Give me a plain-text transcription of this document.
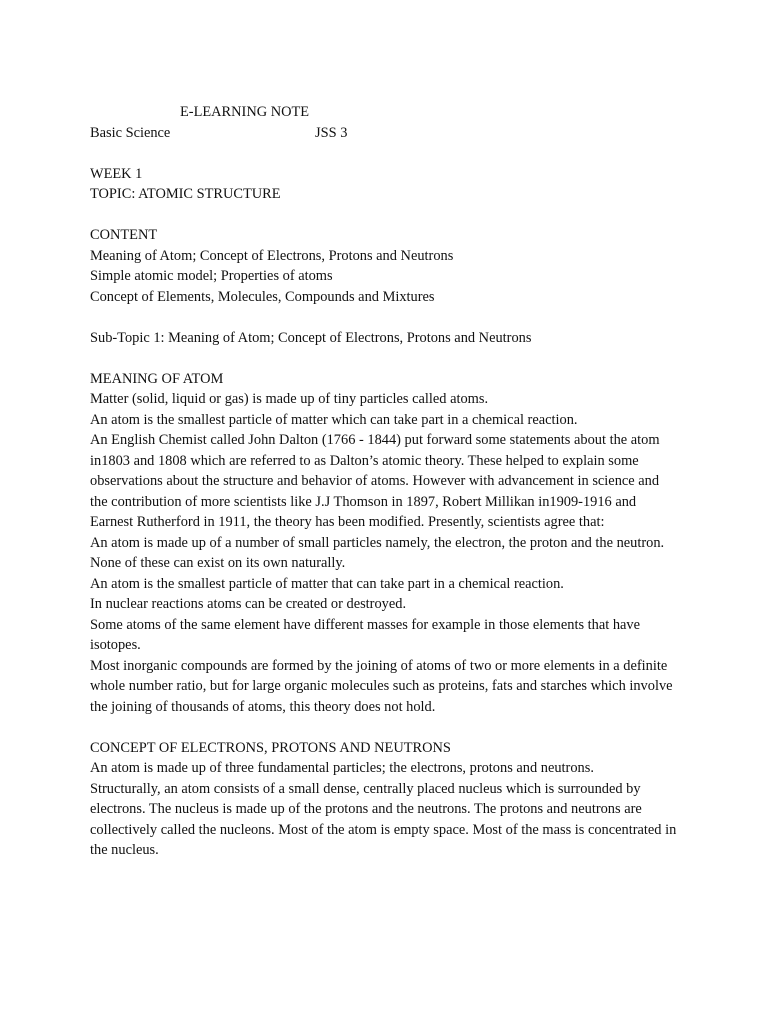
E-LEARNING NOTE
Basic Science	JSS 3
WEEK 1
TOPIC: ATOMIC STRUCTURE
CONTENT
Meaning of Atom; Concept of Electrons, Protons and Neutrons
Simple atomic model; Properties of atoms
Concept of Elements, Molecules, Compounds and Mixtures
Sub-Topic 1: Meaning of Atom; Concept of Electrons, Protons and Neutrons
MEANING OF ATOM

Matter (solid, liquid or gas) is made up of tiny particles called atoms.

An atom is the smallest particle of matter which can take part in a chemical reaction.

An English Chemist called John Dalton (1766 - 1844) put forward some statements about the atom in1803 and 1808 which are referred to as Dalton’s atomic theory. These helped to explain some observations about the structure and behavior of atoms. However with advancement in science and the contribution of more scientists like J.J Thomson in 1897, Robert Millikan in1909-1916 and Earnest Rutherford in 1911, the theory has been modified. Presently, scientists agree that:

An atom is made up of a number of small particles namely, the electron, the proton and the neutron. None of these can exist on its own naturally.

An atom is the smallest particle of matter that can take part in a chemical reaction.

In nuclear reactions atoms can be created or destroyed.

Some atoms of the same element have different masses for example in those elements that have isotopes.

Most inorganic compounds are formed by the joining of atoms of two or more elements in a definite whole number ratio, but for large organic molecules such as proteins, fats and starches which involve the joining of thousands of atoms, this theory does not hold.

CONCEPT OF ELECTRONS, PROTONS AND NEUTRONS

An atom is made up of three fundamental particles; the electrons, protons and neutrons.

Structurally, an atom consists of a small dense, centrally placed nucleus which is surrounded by electrons. The nucleus is made up of the protons and the neutrons. The protons and neutrons are collectively called the nucleons. Most of the atom is empty space. Most of the mass is concentrated in the nucleus.
